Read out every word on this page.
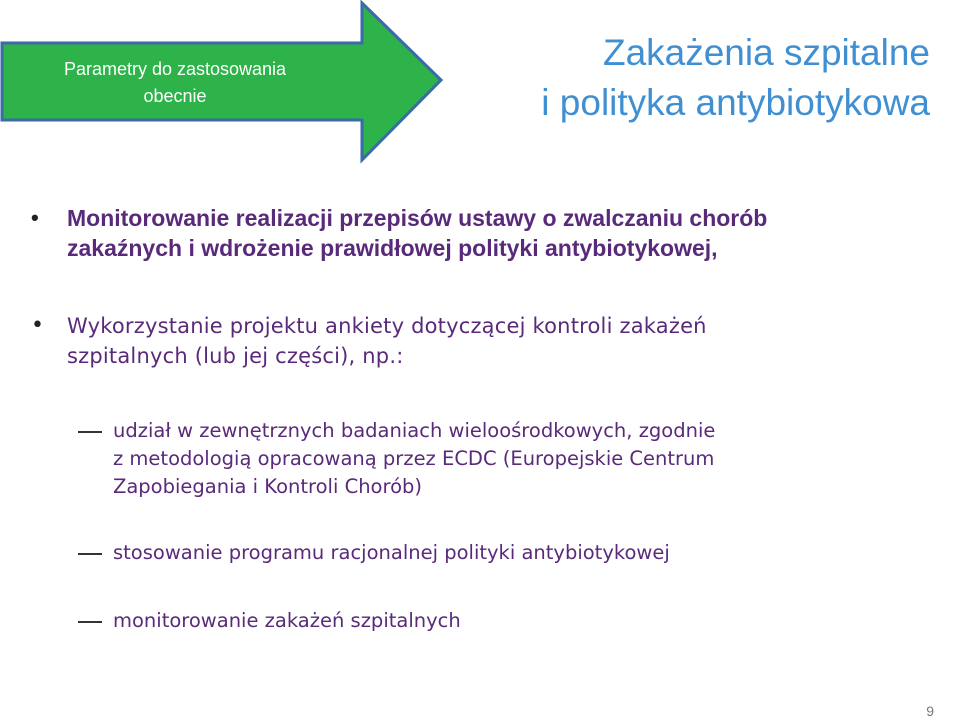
Parametry do zastosowania
obecnie
Zakażenia szpitalne
i polityka antybiotykowa
• Monitorowanie realizacji przepisów ustawy o zwalczaniu chorób
zakaźnych i wdrożenie prawidłowej polityki antybiotykowej,
• Wykorzystanie projektu ankiety dotyczącej kontroli zakażeń
szpitalnych (lub jej części), np.:
udział w zewnętrznych badaniach wieloośrodkowych, zgodnie
z metodologią opracowaną przez ECDC (Europejskie Centrum
Zapobiegania i Kontroli Chorób)
stosowanie programu racjonalnej polityki antybiotykowej
monitorowanie zakażeń szpitalnych
9
